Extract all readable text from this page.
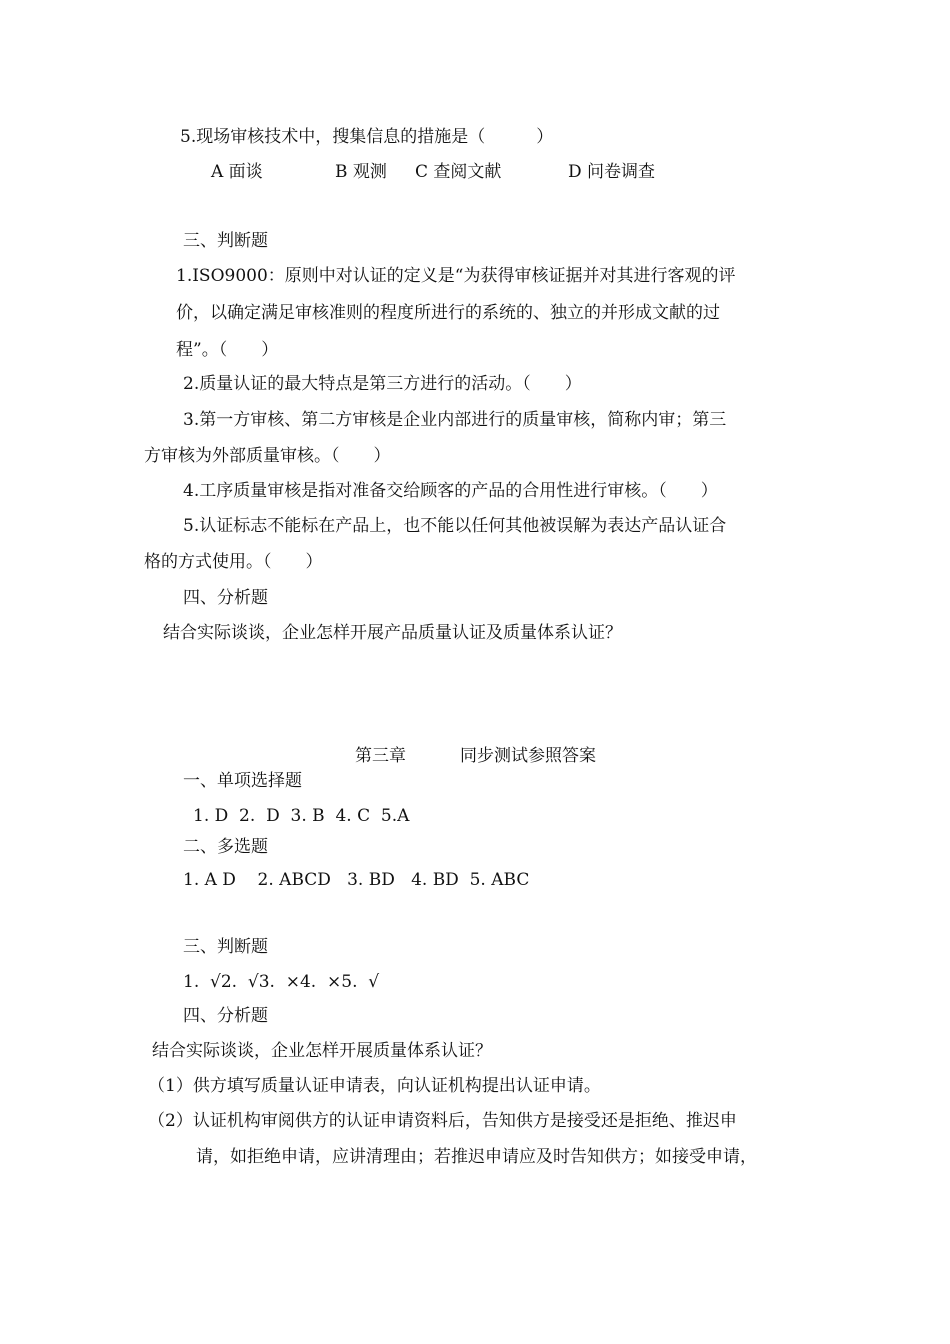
5.现场审核技术中，搜集信息的措施是（　　　）
A 面谈	B 观测 C 查阅文献	D 问卷调查
三、判断题
1.ISO9000：原则中对认证的定义是“为获得审核证据并对其进行客观的评
价，以确定满足审核准则的程度所进行的系统的、独立的并形成文献的过
程”。（　　）
2.质量认证的最大特点是第三方进行的活动。（　　）
3.第一方审核、第二方审核是企业内部进行的质量审核，简称内审；第三
方审核为外部质量审核。（　　）
4.工序质量审核是指对准备交给顾客的产品的合用性进行审核。（　　）
5.认证标志不能标在产品上，也不能以任何其他被误解为表达产品认证合
格的方式使用。（　　）
四、分析题
结合实际谈谈，企业怎样开展产品质量认证及质量体系认证？
第三章	同步测试参照答案
一、单项选择题
1. D  2.  D  3. B  4. C  5.A
二、多选题
1. A D    2. ABCD   3. BD   4. BD  5. ABC
三、判断题
1.  √2.  √3.  ×4.  ×5.  √
四、分析题
结合实际谈谈，企业怎样开展质量体系认证？
（1）供方填写质量认证申请表，向认证机构提出认证申请。
（2）认证机构审阅供方的认证申请资料后，告知供方是接受还是拒绝、推迟申
请，如拒绝申请，应讲清理由；若推迟申请应及时告知供方；如接受申请，
